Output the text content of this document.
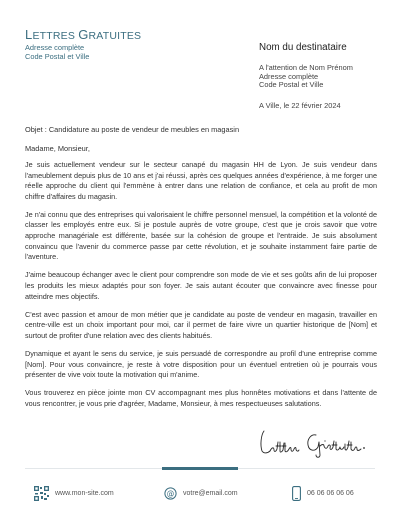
LETTRES GRATUITES
Adresse complète
Code Postal et Ville
Nom du destinataire
A l'attention de Nom Prénom
Adresse complète
Code Postal et Ville
A Ville, le 22 février 2024
Objet : Candidature au poste de vendeur de meubles en magasin
Madame, Monsieur,

Je suis actuellement vendeur sur le secteur canapé du magasin HH de Lyon. Je suis vendeur dans l'ameublement depuis plus de 10 ans et j'ai réussi, après ces quelques années d'expérience, à me forger une réelle approche du client qui l'emmène à entrer dans une relation de confiance, et cela au profit de mon chiffre d'affaires du magasin.

Je n'ai connu que des entreprises qui valorisaient le chiffre personnel mensuel, la compétition et la volonté de classer les employés entre eux. Si je postule auprès de votre groupe, c'est que je crois savoir que votre approche managériale est différente, basée sur la cohésion de groupe et l'entraide. Je suis absolument convaincu que l'avenir du commerce passe par cette révolution, et je souhaite instamment faire partie de l'aventure.

J'aime beaucoup échanger avec le client pour comprendre son mode de vie et ses goûts afin de lui proposer les produits les mieux adaptés pour son foyer. Je sais autant écouter que convaincre avec finesse pour atteindre mes objectifs.

C'est avec passion et amour de mon métier que je candidate au poste de vendeur en magasin, travailler en centre-ville est un choix important pour moi, car il permet de faire vivre un quartier historique de [Nom] et surtout de profiter d'une relation avec des clients habitués.

Dynamique et ayant le sens du service, je suis persuadé de correspondre au profil d'une entreprise comme [Nom]. Pour vous convaincre, je reste à votre disposition pour un éventuel entretien où je pourrais vous présenter de vive voix toute la motivation qui m'anime.

Vous trouverez en pièce jointe mon CV accompagnant mes plus honnêtes motivations et dans l'attente de vous rencontrer, je vous prie d'agréer, Madame, Monsieur, à mes respectueuses salutations.

www.mon-site.com	@ votre@email.com	06 06 06 06 06
